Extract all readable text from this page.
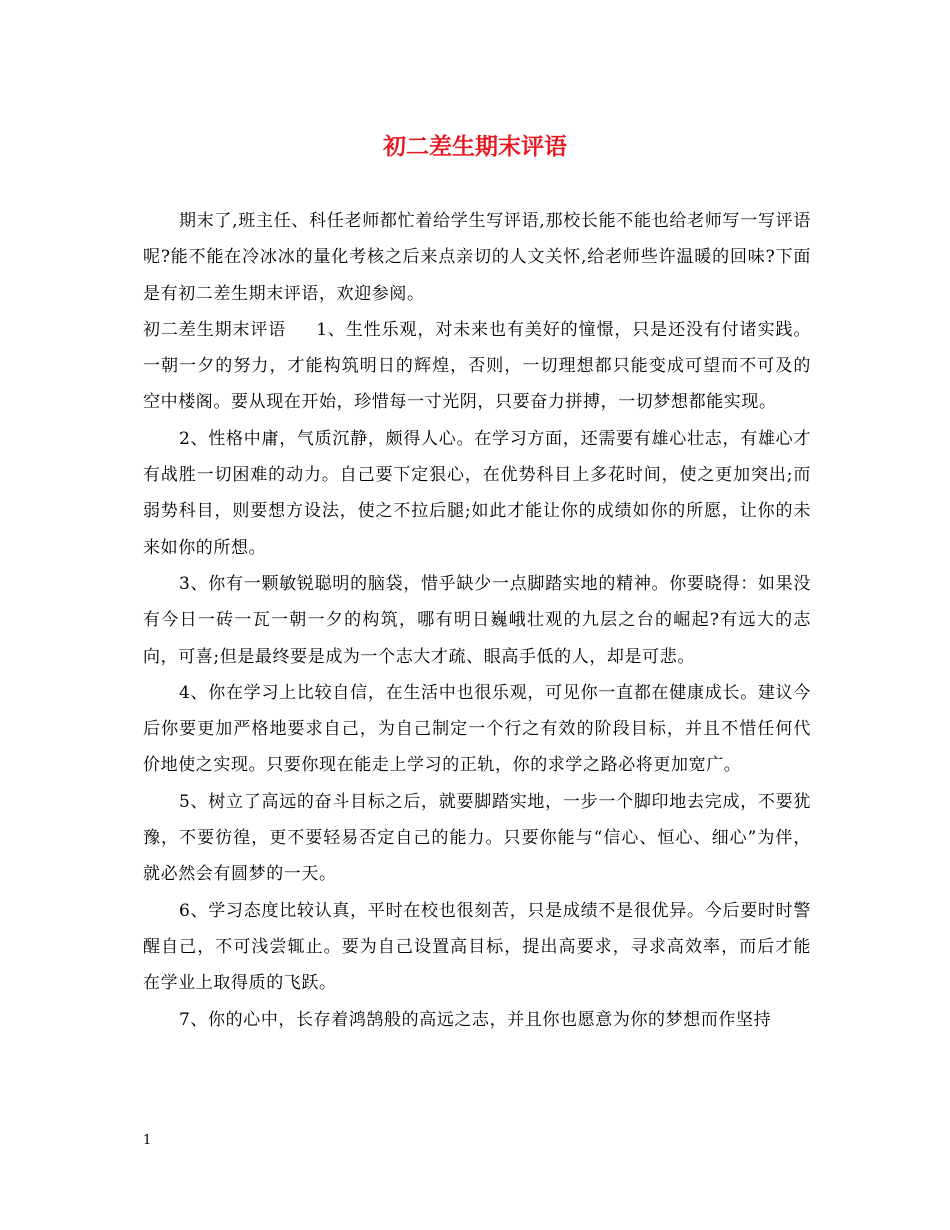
初二差生期末评语

期末了,班主任、科任老师都忙着给学生写评语,那校长能不能也给老师写一写评语呢?能不能在冷冰冰的量化考核之后来点亲切的人文关怀,给老师些许温暖的回味?下面是有初二差生期末评语，欢迎参阅。

初二差生期末评语 1、生性乐观，对未来也有美好的憧憬，只是还没有付诸实践。一朝一夕的努力，才能构筑明日的辉煌，否则，一切理想都只能变成可望而不可及的空中楼阁。要从现在开始，珍惜每一寸光阴，只要奋力拼搏，一切梦想都能实现。

2、性格中庸，气质沉静，颇得人心。在学习方面，还需要有雄心壮志，有雄心才有战胜一切困难的动力。自己要下定狠心，在优势科目上多花时间，使之更加突出;而弱势科目，则要想方设法，使之不拉后腿;如此才能让你的成绩如你的所愿，让你的未来如你的所想。

3、你有一颗敏锐聪明的脑袋，惜乎缺少一点脚踏实地的精神。你要晓得：如果没有今日一砖一瓦一朝一夕的构筑，哪有明日巍峨壮观的九层之台的崛起?有远大的志向，可喜;但是最终要是成为一个志大才疏、眼高手低的人，却是可悲。

4、你在学习上比较自信，在生活中也很乐观，可见你一直都在健康成长。建议今后你要更加严格地要求自己，为自己制定一个行之有效的阶段目标，并且不惜任何代价地使之实现。只要你现在能走上学习的正轨，你的求学之路必将更加宽广。

5、树立了高远的奋斗目标之后，就要脚踏实地，一步一个脚印地去完成，不要犹豫，不要彷徨，更不要轻易否定自己的能力。只要你能与“信心、恒心、细心”为伴，就必然会有圆梦的一天。

6、学习态度比较认真，平时在校也很刻苦，只是成绩不是很优异。今后要时时警醒自己，不可浅尝辄止。要为自己设置高目标，提出高要求，寻求高效率，而后才能在学业上取得质的飞跃。

7、你的心中，长存着鸿鹄般的高远之志，并且你也愿意为你的梦想而作坚持

1
